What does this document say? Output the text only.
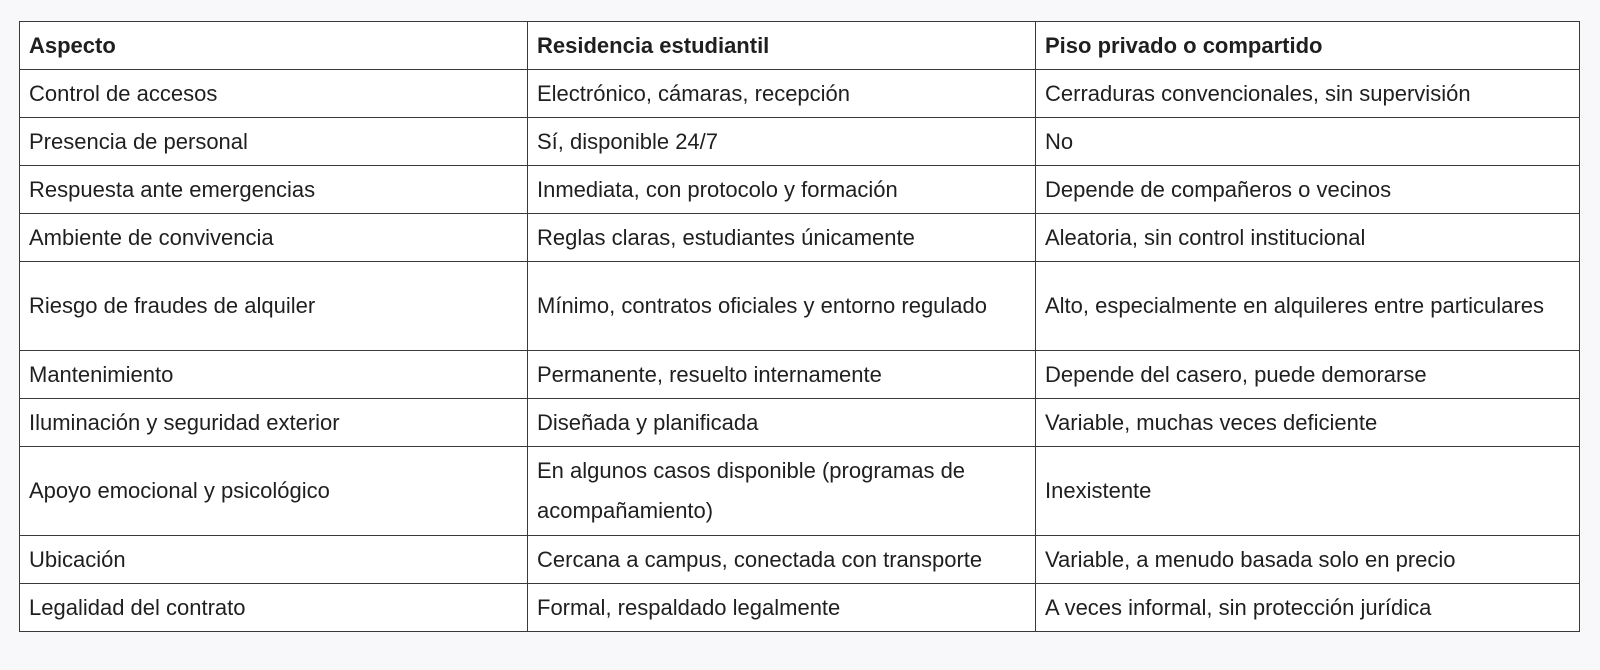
Aspecto	Residencia estudiantil	Piso privado o compartido
Control de accesos	Electrónico, cámaras, recepción	Cerraduras convencionales, sin supervisión
Presencia de personal	Sí, disponible 24/7	No
Respuesta ante emergencias	Inmediata, con protocolo y formación	Depende de compañeros o vecinos
Ambiente de convivencia	Reglas claras, estudiantes únicamente	Aleatoria, sin control institucional
Riesgo de fraudes de alquiler	Mínimo, contratos oficiales y entorno regulado	Alto, especialmente en alquileres entre particulares
Mantenimiento	Permanente, resuelto internamente	Depende del casero, puede demorarse
Iluminación y seguridad exterior	Diseñada y planificada	Variable, muchas veces deficiente
Apoyo emocional y psicológico	En algunos casos disponible (programas de acompañamiento)	Inexistente
Ubicación	Cercana a campus, conectada con transporte	Variable, a menudo basada solo en precio
Legalidad del contrato	Formal, respaldado legalmente	A veces informal, sin protección jurídica
